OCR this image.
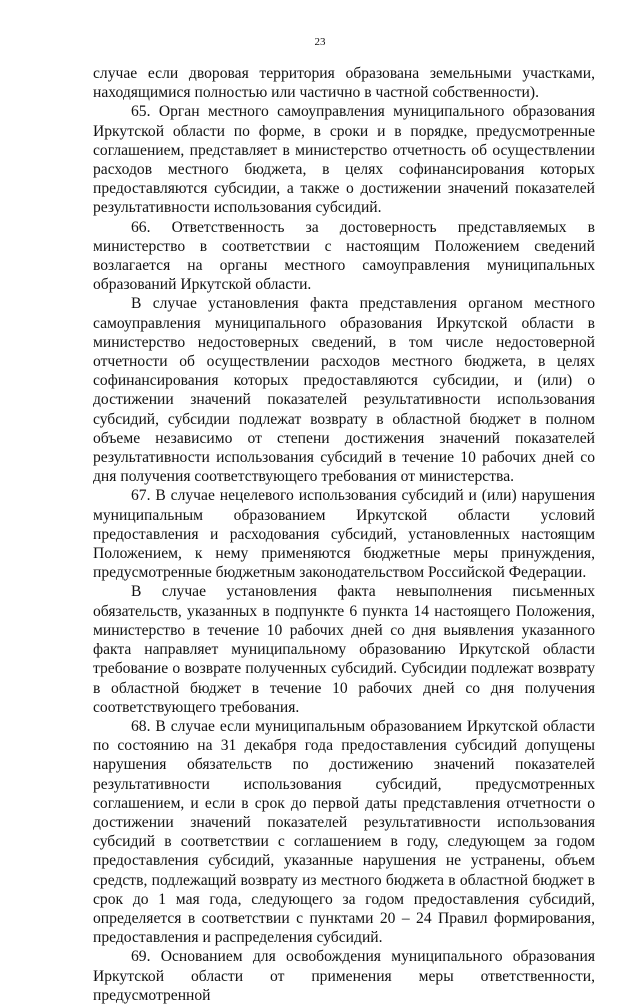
23

случае если дворовая территория образована земельными участками, находящимися полностью или частично в частной собственности).

65. Орган местного самоуправления муниципального образования Иркутской области по форме, в сроки и в порядке, предусмотренные соглашением, представляет в министерство отчетность об осуществлении расходов местного бюджета, в целях софинансирования которых предоставляются субсидии, а также о достижении значений показателей результативности использования субсидий.

66. Ответственность за достоверность представляемых в министерство в соответствии с настоящим Положением сведений возлагается на органы местного самоуправления муниципальных образований Иркутской области.

В случае установления факта представления органом местного самоуправления муниципального образования Иркутской области в министерство недостоверных сведений, в том числе недостоверной отчетности об осуществлении расходов местного бюджета, в целях софинансирования которых предоставляются субсидии, и (или) о достижении значений показателей результативности использования субсидий, субсидии подлежат возврату в областной бюджет в полном объеме независимо от степени достижения значений показателей результативности использования субсидий в течение 10 рабочих дней со дня получения соответствующего требования от министерства.

67. В случае нецелевого использования субсидий и (или) нарушения муниципальным образованием Иркутской области условий предоставления и расходования субсидий, установленных настоящим Положением, к нему применяются бюджетные меры принуждения, предусмотренные бюджетным законодательством Российской Федерации.

В случае установления факта невыполнения письменных обязательств, указанных в подпункте 6 пункта 14 настоящего Положения, министерство в течение 10 рабочих дней со дня выявления указанного факта направляет муниципальному образованию Иркутской области требование о возврате полученных субсидий. Субсидии подлежат возврату в областной бюджет в течение 10 рабочих дней со дня получения соответствующего требования.

68. В случае если муниципальным образованием Иркутской области по состоянию на 31 декабря года предоставления субсидий допущены нарушения обязательств по достижению значений показателей результативности использования субсидий, предусмотренных соглашением, и если в срок до первой даты представления отчетности о достижении значений показателей результативности использования субсидий в соответствии с соглашением в году, следующем за годом предоставления субсидий, указанные нарушения не устранены, объем средств, подлежащий возврату из местного бюджета в областной бюджет в срок до 1 мая года, следующего за годом предоставления субсидий, определяется в соответствии с пунктами 20 – 24 Правил формирования, предоставления и распределения субсидий.

69. Основанием для освобождения муниципального образования Иркутской области от применения меры ответственности, предусмотренной
